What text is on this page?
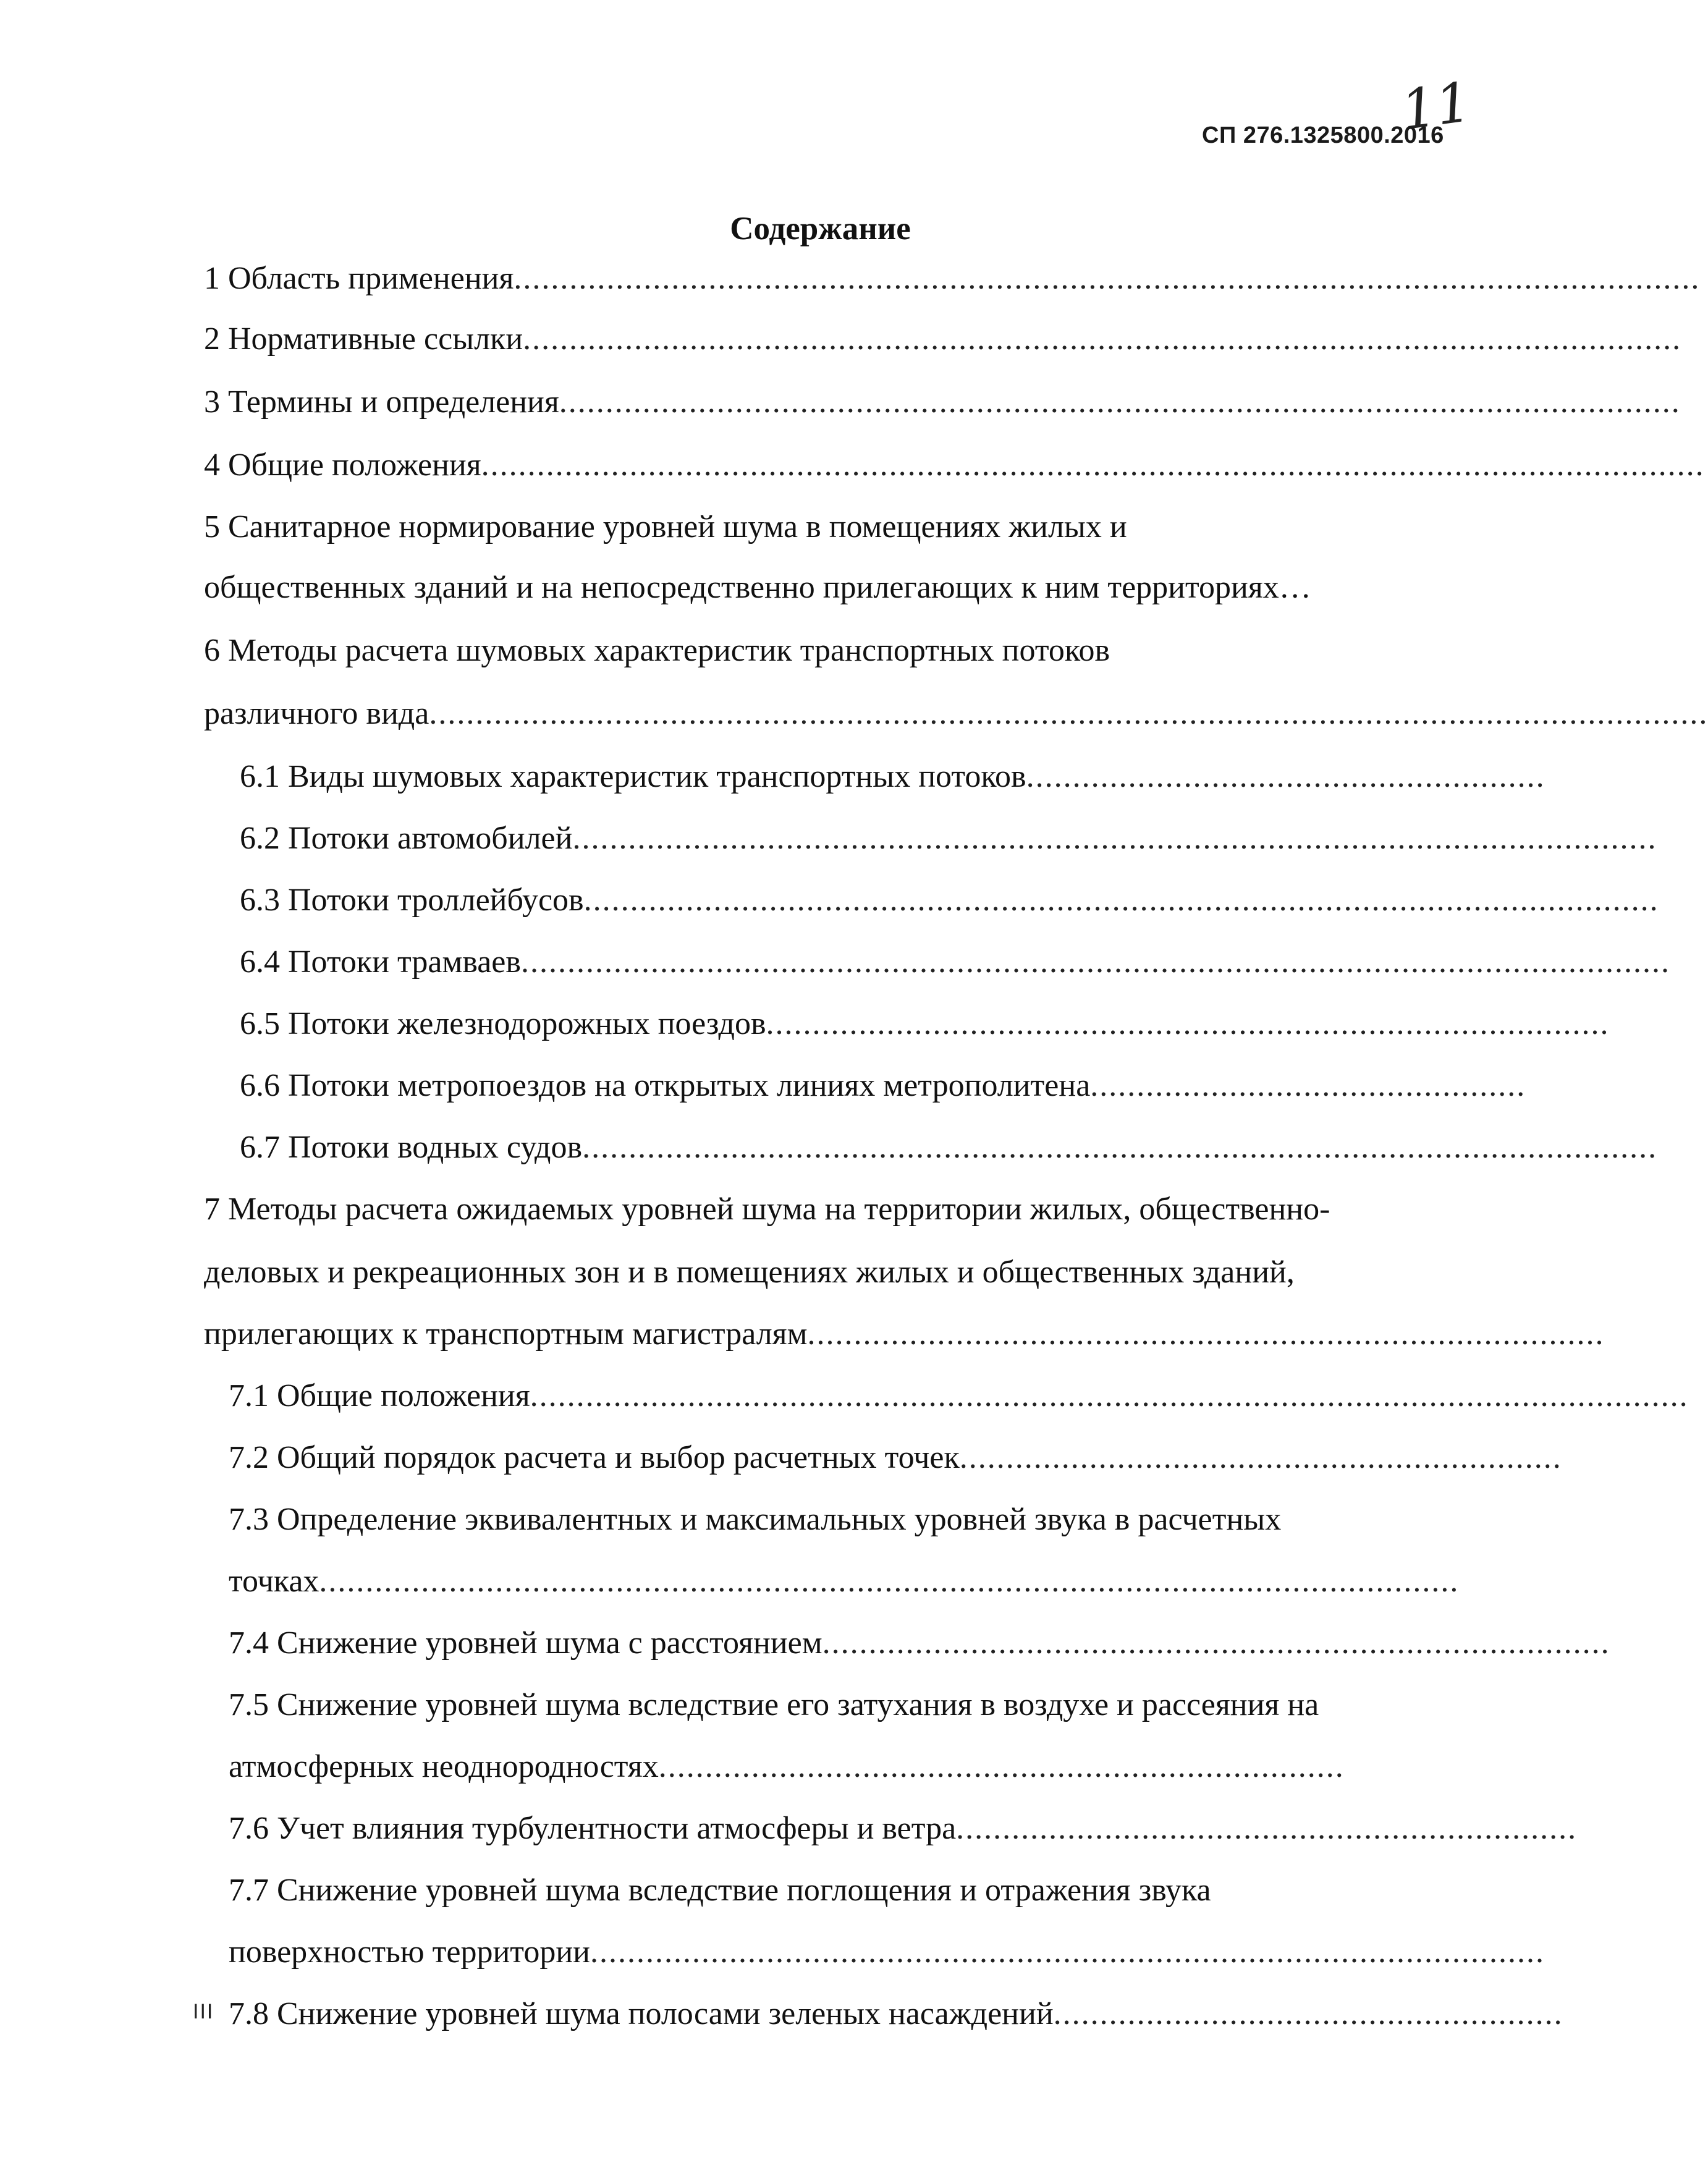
11
СП 276.1325800.2016
Содержание
1 Область применения................................................................................................................................
2 Нормативные ссылки.............................................................................................................................
3 Термины и определения.........................................................................................................................
4 Общие положения....................................................................................................................................
5 Санитарное нормирование уровней шума в помещениях жилых и
общественных зданий и на непосредственно прилегающих к ним территориях…
6 Методы расчета шумовых характеристик транспортных потоков
различного вида..........................................................................................................................................
6.1 Виды шумовых характеристик транспортных потоков........................................................
6.2 Потоки автомобилей.....................................................................................................................
6.3 Потоки троллейбусов....................................................................................................................
6.4 Потоки трамваев............................................................................................................................
6.5 Потоки железнодорожных поездов...........................................................................................
6.6 Потоки метропоездов на открытых линиях метрополитена...............................................
6.7 Потоки водных судов....................................................................................................................
7 Методы расчета ожидаемых уровней шума на территории жилых, общественно-
деловых и рекреационных зон и в помещениях жилых и общественных зданий,
прилегающих к транспортным магистралям......................................................................................
7.1 Общие положения.............................................................................................................................
7.2 Общий порядок расчета и выбор расчетных точек.................................................................
7.3 Определение эквивалентных и максимальных уровней звука в расчетных
точках...........................................................................................................................
7.4 Снижение уровней шума с расстоянием.....................................................................................
7.5 Снижение уровней шума вследствие его затухания в воздухе и рассеяния на
атмосферных неоднородностях..........................................................................
7.6 Учет влияния турбулентности атмосферы и ветра...................................................................
7.7 Снижение уровней шума вследствие поглощения и отражения звука
поверхностью территории.......................................................................................................
7.8 Снижение уровней шума полосами зеленых насаждений.......................................................
III
